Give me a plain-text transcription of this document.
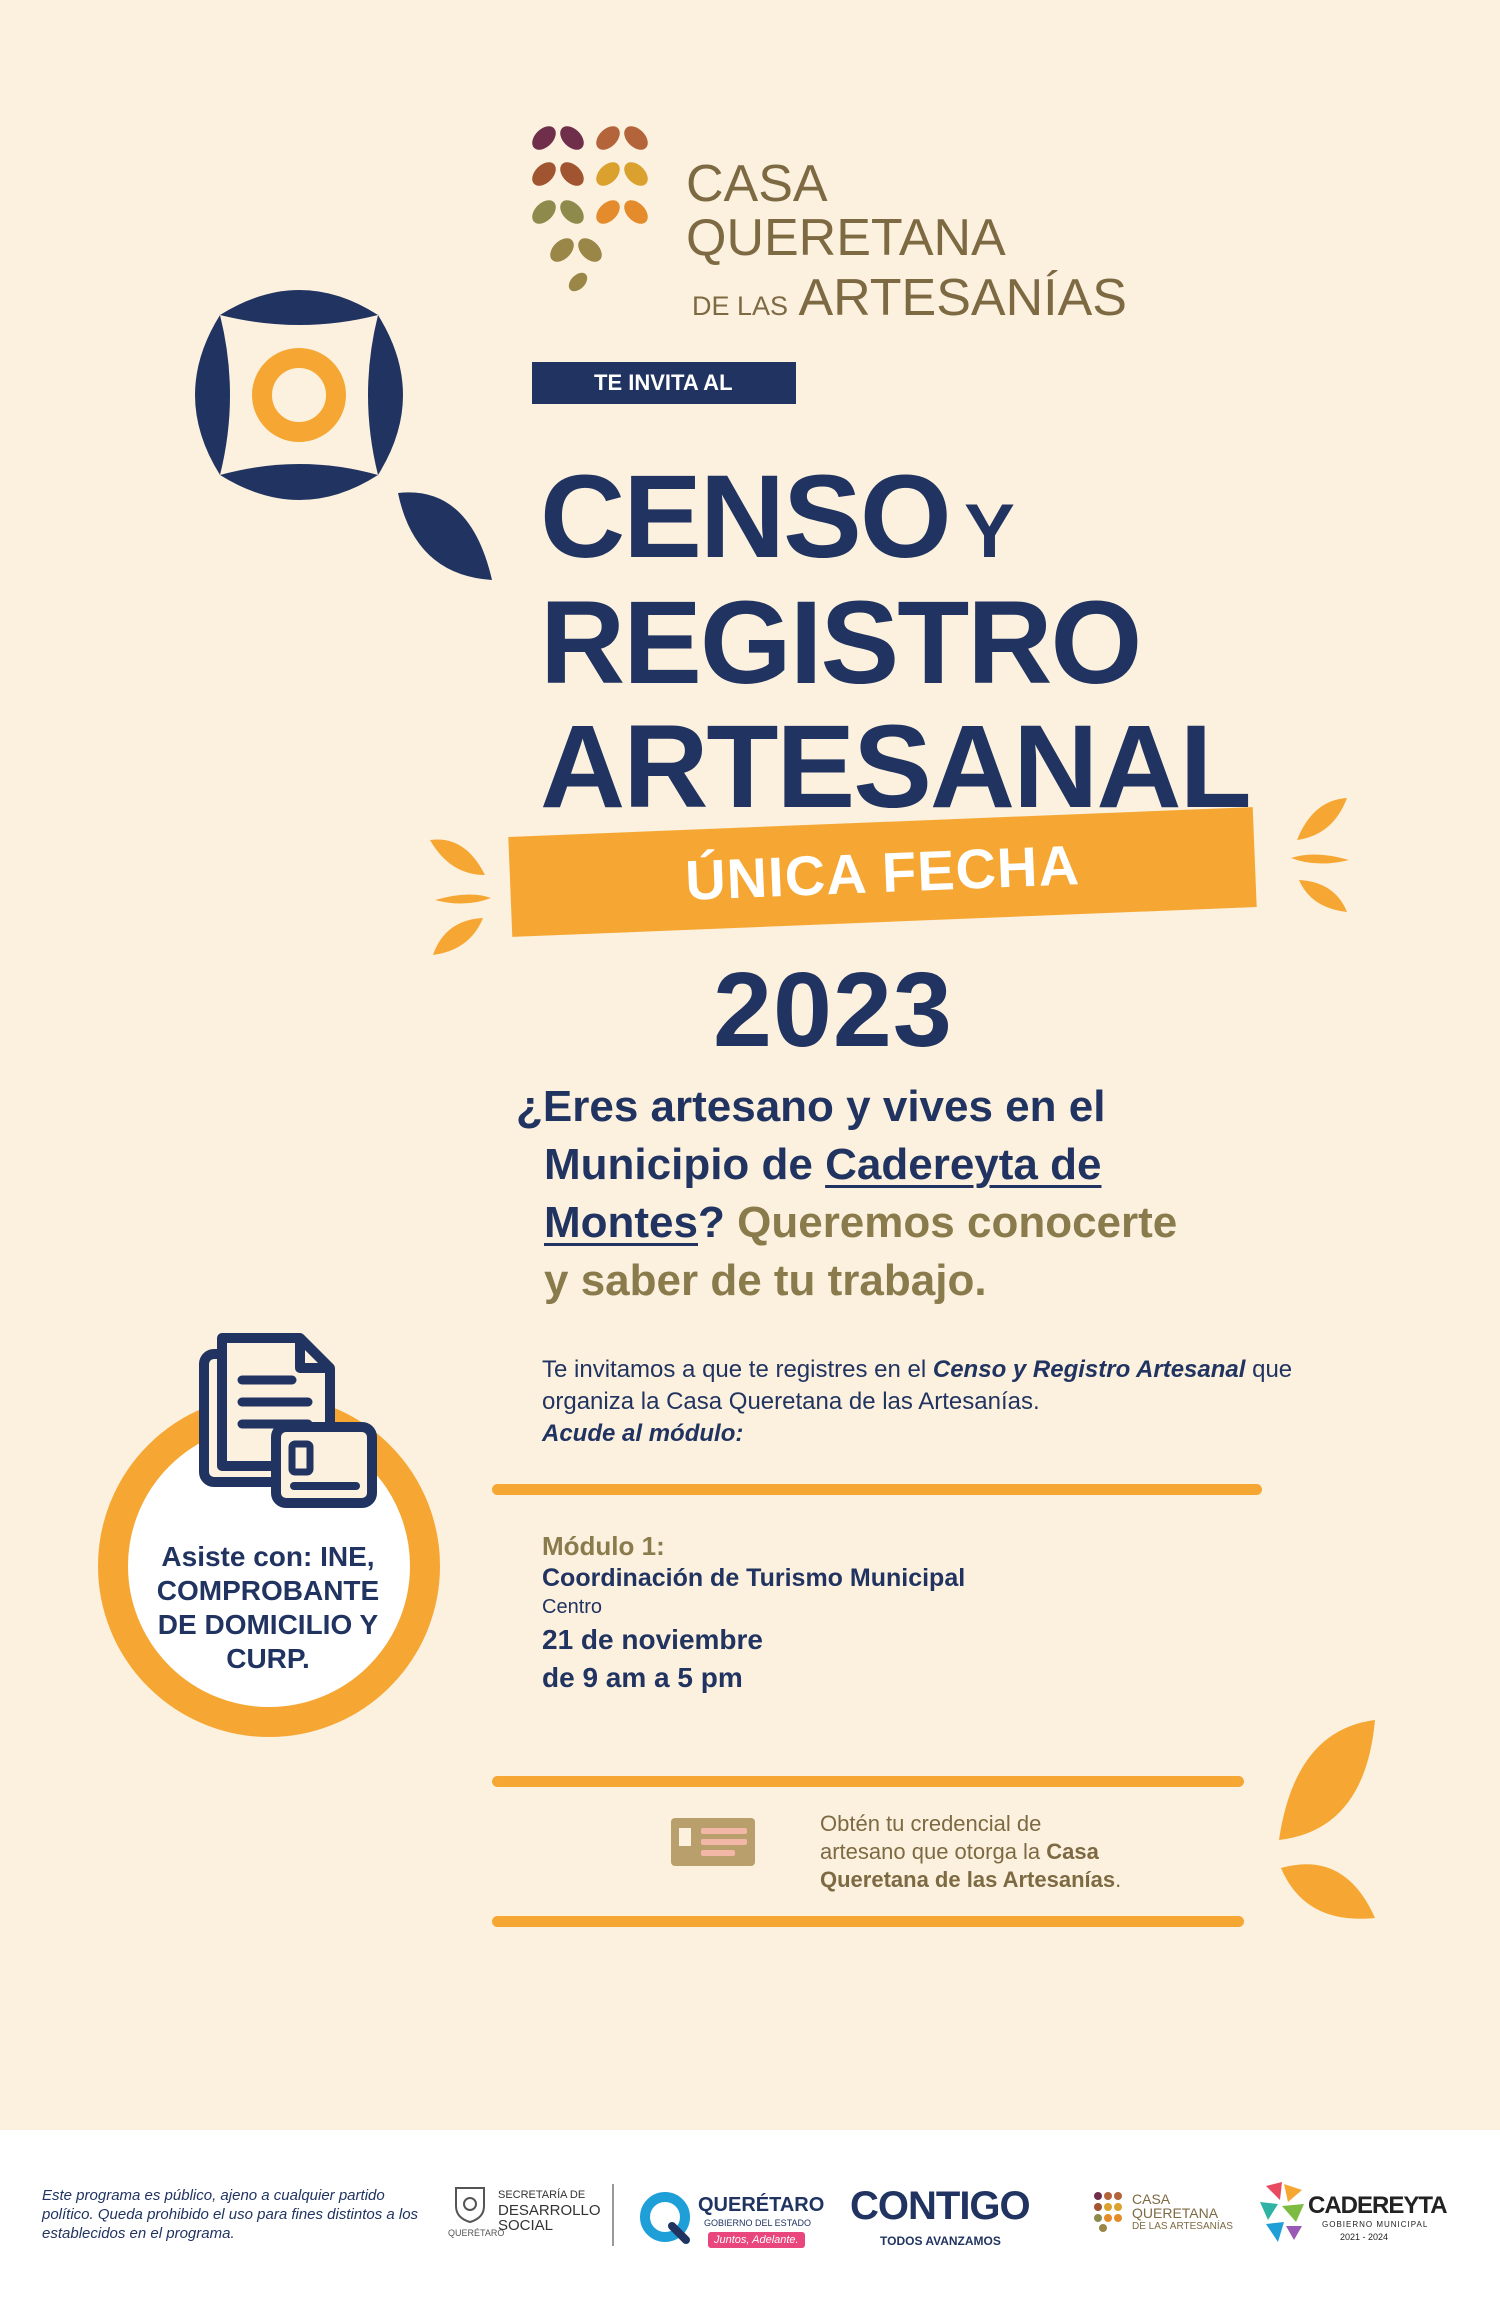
CASA
QUERETANA
DE LAS ARTESANÍAS
TE INVITA AL
CENSO Y
REGISTRO
ARTESANAL
ÚNICA FECHA
2023
¿Eres artesano y vives en el
Municipio de Cadereyta de
Montes? Queremos conocerte
y saber de tu trabajo.
Te invitamos a que te registres en el Censo y Registro Artesanal que
organiza la Casa Queretana de las Artesanías.
Acude al módulo:
Asiste con: INE, COMPROBANTE DE DOMICILIO Y CURP.
Módulo 1:
Coordinación de Turismo Municipal
Centro
21 de noviembre
de 9 am a 5 pm
Obtén tu credencial de
artesano que otorga la Casa
Queretana de las Artesanías.
Este programa es público, ajeno a cualquier partido político. Queda prohibido el uso para fines distintos a los establecidos en el programa.	QUERÉTARO
SECRETARÍA DE
DESARROLLO
SOCIAL
QUERÉTARO
GOBIERNO DEL ESTADO
Juntos, Adelante.
CONTIGO
TODOS AVANZAMOS
CASA
QUERETANA
DE LAS ARTESANÍAS
CADEREYTA
GOBIERNO MUNICIPAL
2021 - 2024
